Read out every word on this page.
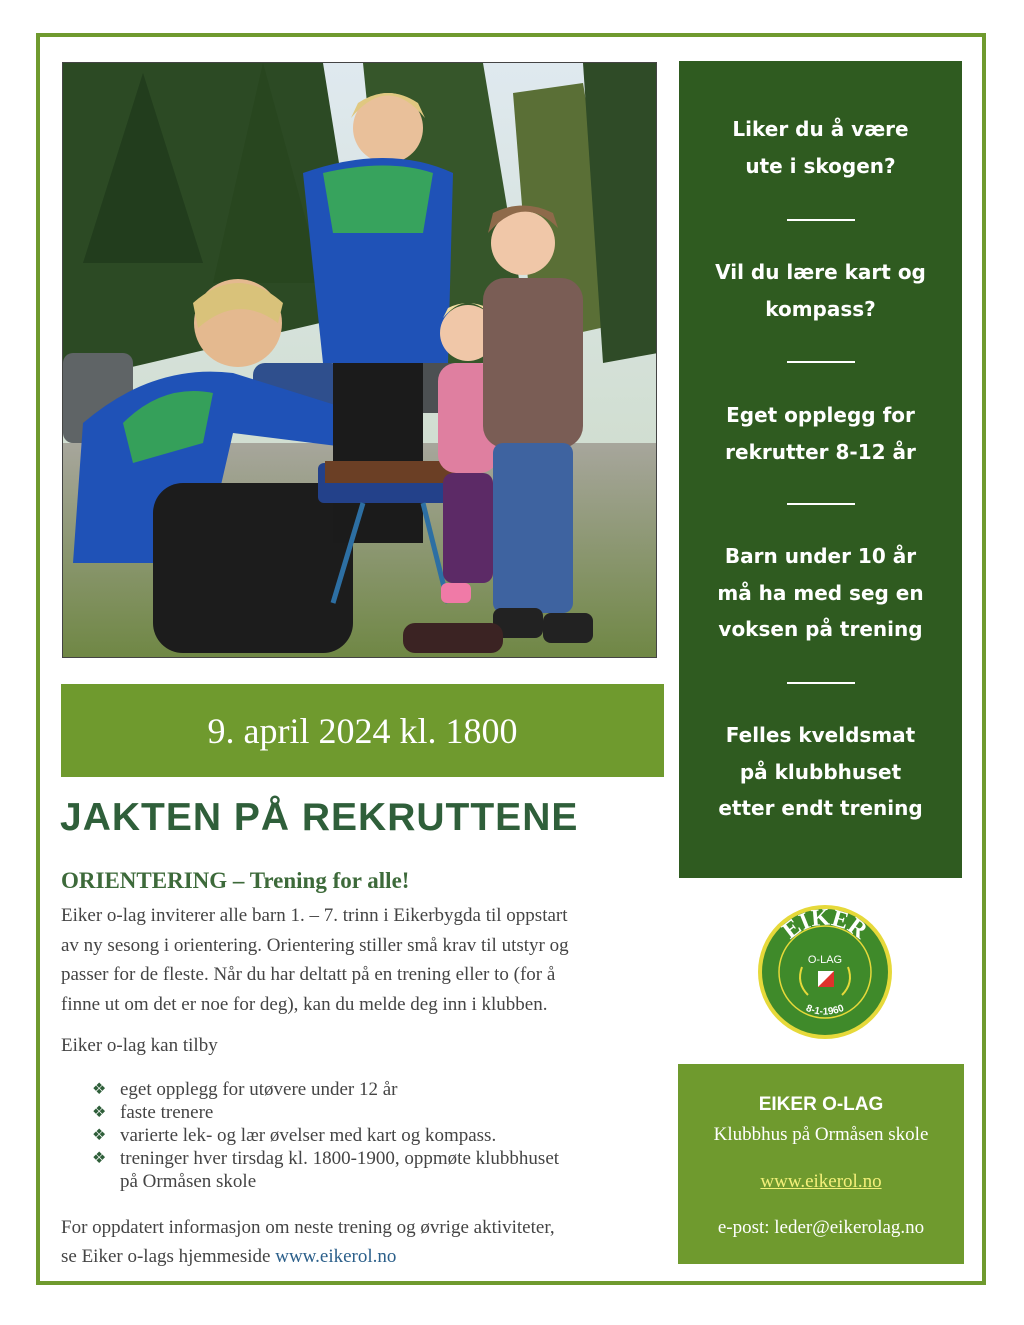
9. april 2024 kl. 1800
JAKTEN PÅ REKRUTTENE
ORIENTERING – Trening for alle!
Eiker o-lag inviterer alle barn 1. – 7. trinn i Eikerbygda til oppstart
av ny sesong i orientering. Orientering stiller små krav til utstyr og
passer for de fleste. Når du har deltatt på en trening eller to (for å
finne ut om det er noe for deg), kan du melde deg inn i klubben.
Eiker o-lag kan tilby
❖ eget opplegg for utøvere under 12 år
❖ faste trenere
❖ varierte lek- og lær øvelser med kart og kompass.
❖ treninger hver tirsdag kl. 1800-1900, oppmøte klubbhuset
på Ormåsen skole
For oppdatert informasjon om neste trening og øvrige aktiviteter,
se Eiker o-lags hjemmeside www.eikerol.no
Liker du å være
ute i skogen?
Vil du lære kart og
kompass?
Eget opplegg for
rekrutter 8-12 år
Barn under 10 år
må ha med seg en
voksen på trening
Felles kveldsmat
på klubbhuset
etter endt trening
EIKER
O-LAG
8-1-1960
EIKER O-LAG
Klubbhus på Ormåsen skole
www.eikerol.no
e-post: leder@eikerolag.no
